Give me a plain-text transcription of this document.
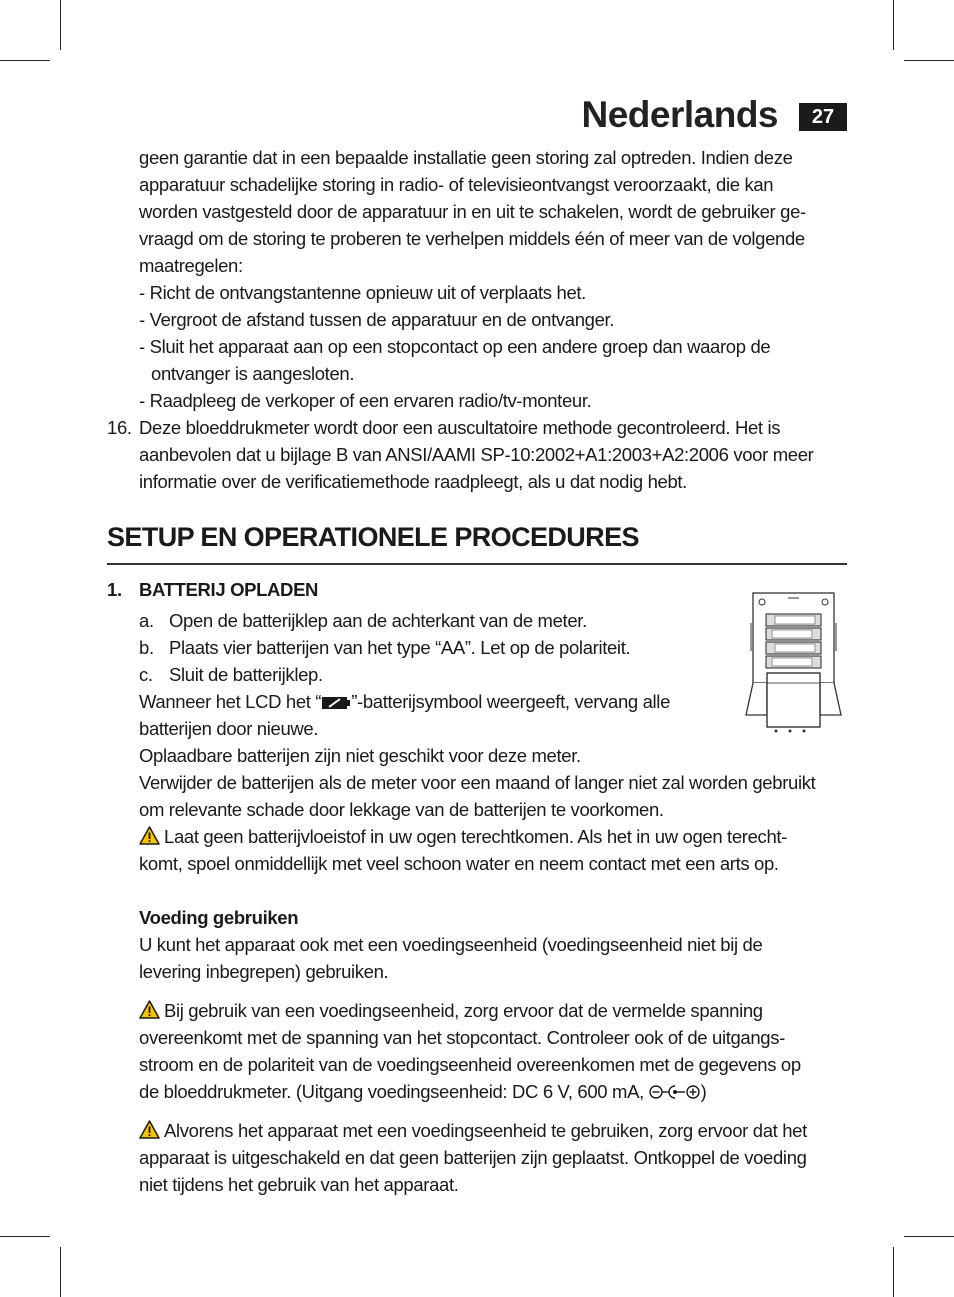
Nederlands	27
geen garantie dat in een bepaalde installatie geen storing zal optreden. Indien deze
apparatuur schadelijke storing in radio- of televisieontvangst veroorzaakt, die kan
worden vastgesteld door de apparatuur in en uit te schakelen, wordt de gebruiker ge-
vraagd om de storing te proberen te verhelpen middels één of meer van de volgende
maatregelen:
- Richt de ontvangstantenne opnieuw uit of verplaats het.
- Vergroot de afstand tussen de apparatuur en de ontvanger.
- Sluit het apparaat aan op een stopcontact op een andere groep dan waarop de
ontvanger is aangesloten.
- Raadpleeg de verkoper of een ervaren radio/tv-monteur.
16. Deze bloeddrukmeter wordt door een auscultatoire methode gecontroleerd. Het is
aanbevolen dat u bijlage B van ANSI/AAMI SP-10:2002+A1:2003+A2:2006 voor meer
informatie over de verificatiemethode raadpleegt, als u dat nodig hebt.
SETUP EN OPERATIONELE PROCEDURES
1. BATTERIJ OPLADEN
a. Open de batterijklep aan de achterkant van de meter.
b. Plaats vier batterijen van het type “AA”. Let op de polariteit.
c. Sluit de batterijklep.
Wanneer het LCD het “ ”-batterijsymbool weergeeft, vervang alle
batterijen door nieuwe.
Oplaadbare batterijen zijn niet geschikt voor deze meter.
Verwijder de batterijen als de meter voor een maand of langer niet zal worden gebruikt
om relevante schade door lekkage van de batterijen te voorkomen.
Laat geen batterijvloeistof in uw ogen terechtkomen. Als het in uw ogen terecht-
komt, spoel onmiddellijk met veel schoon water en neem contact met een arts op.
Voeding gebruiken
U kunt het apparaat ook met een voedingseenheid (voedingseenheid niet bij de
levering inbegrepen) gebruiken.
Bij gebruik van een voedingseenheid, zorg ervoor dat de vermelde spanning
overeenkomt met de spanning van het stopcontact. Controleer ook of de uitgangs-
stroom en de polariteit van de voedingseenheid overeenkomen met de gegevens op
de bloeddrukmeter. (Uitgang voedingseenheid: DC 6 V, 600 mA,	)
Alvorens het apparaat met een voedingseenheid te gebruiken, zorg ervoor dat het
apparaat is uitgeschakeld en dat geen batterijen zijn geplaatst. Ontkoppel de voeding
niet tijdens het gebruik van het apparaat.
